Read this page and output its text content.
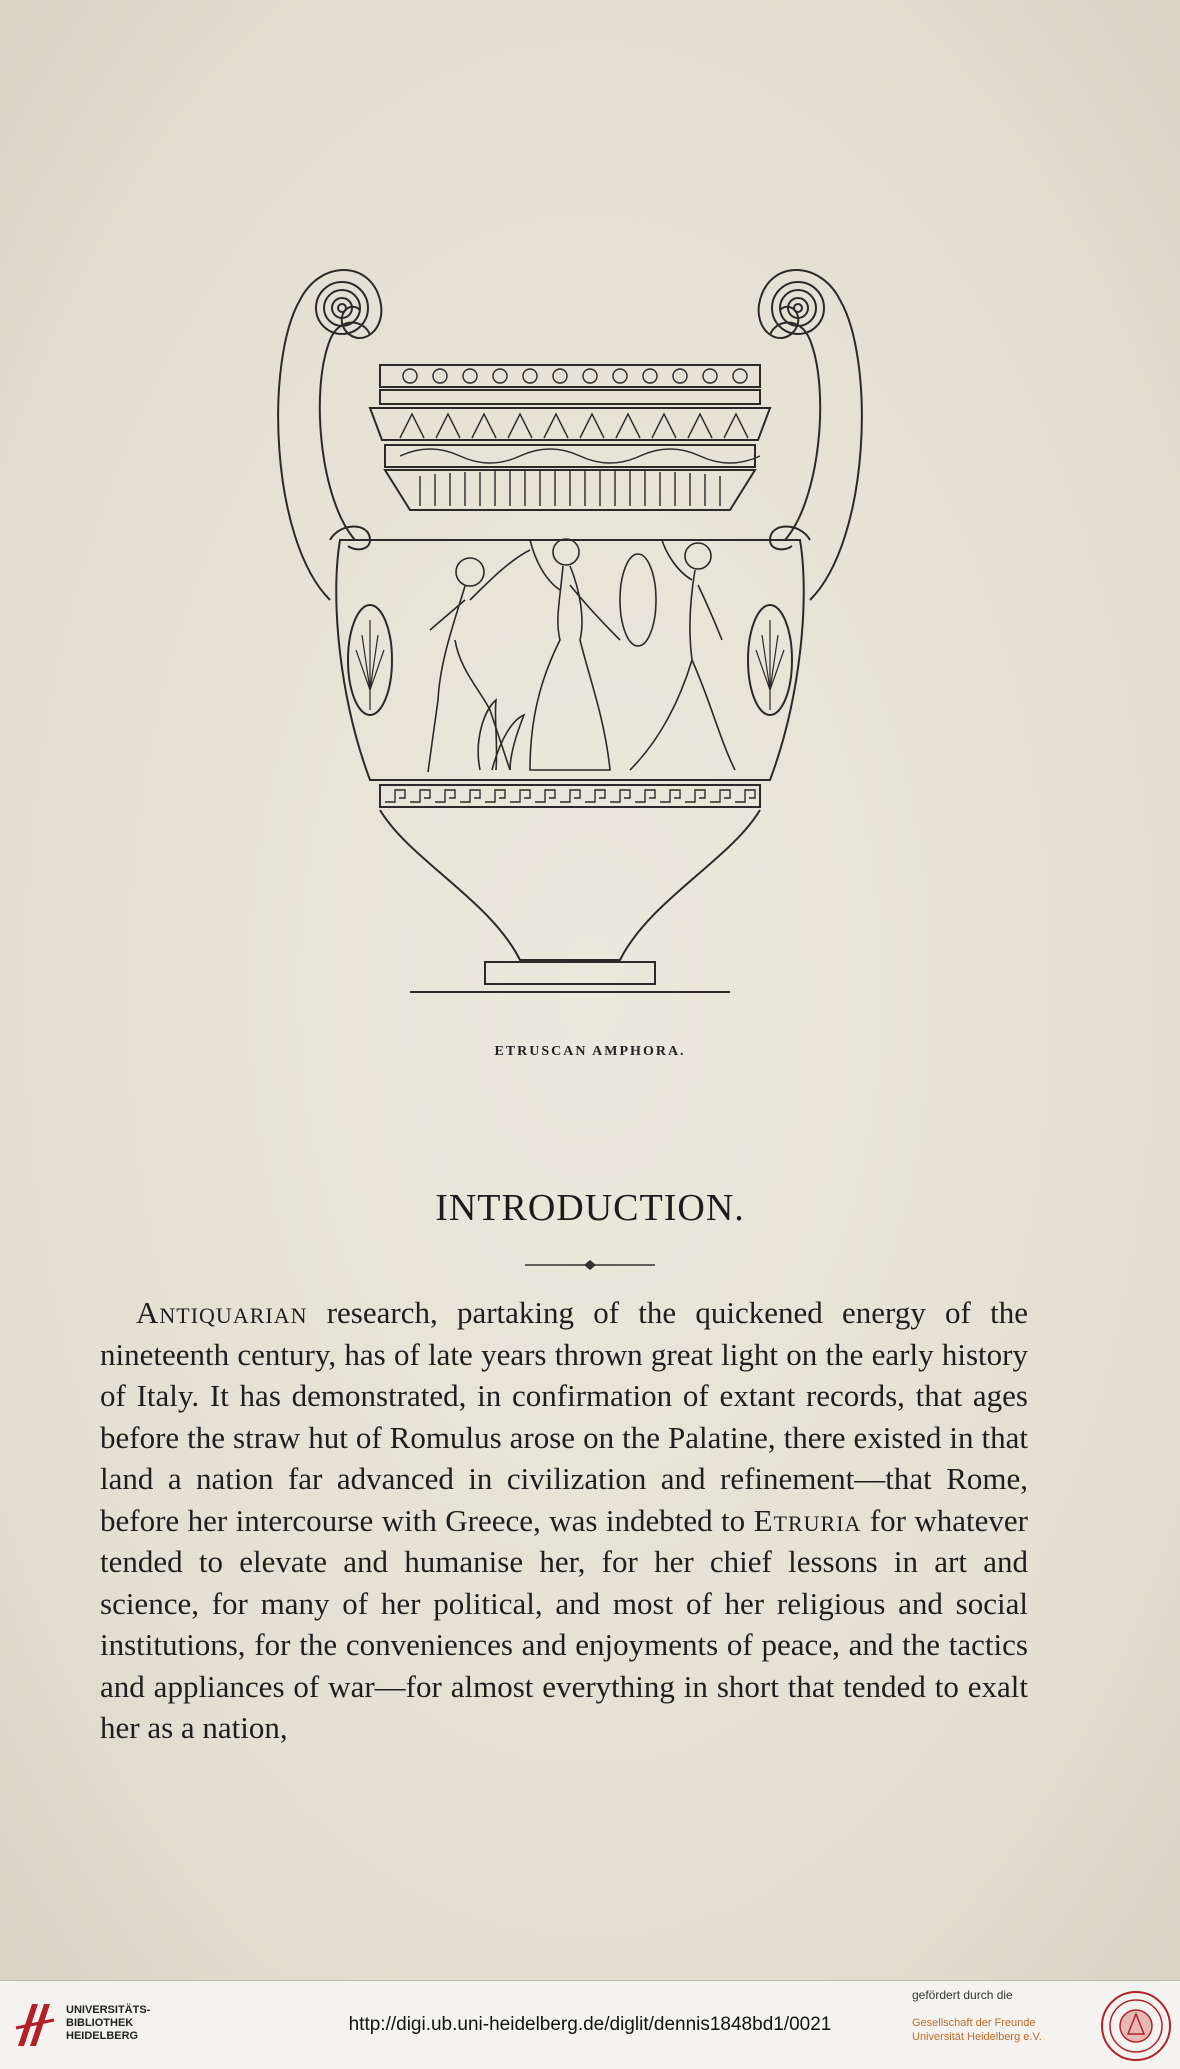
ETRUSCAN AMPHORA.
INTRODUCTION.
Antiquarian research, partaking of the quickened energy of the nineteenth century, has of late years thrown great light on the early history of Italy. It has demonstrated, in confirmation of extant records, that ages before the straw hut of Romulus arose on the Palatine, there existed in that land a nation far advanced in civilization and refinement—that Rome, before her intercourse with Greece, was indebted to Etruria for whatever tended to elevate and humanise her, for her chief lessons in art and science, for many of her political, and most of her religious and social institutions, for the conveniences and enjoyments of peace, and the tactics and appliances of war—for almost everything in short that tended to exalt her as a nation,
UNIVERSITÄTS-
BIBLIOTHEK
HEIDELBERG
http://digi.ub.uni-heidelberg.de/diglit/dennis1848bd1/0021
gefördert durch die
Gesellschaft der Freunde
Universität Heidelberg e.V.
